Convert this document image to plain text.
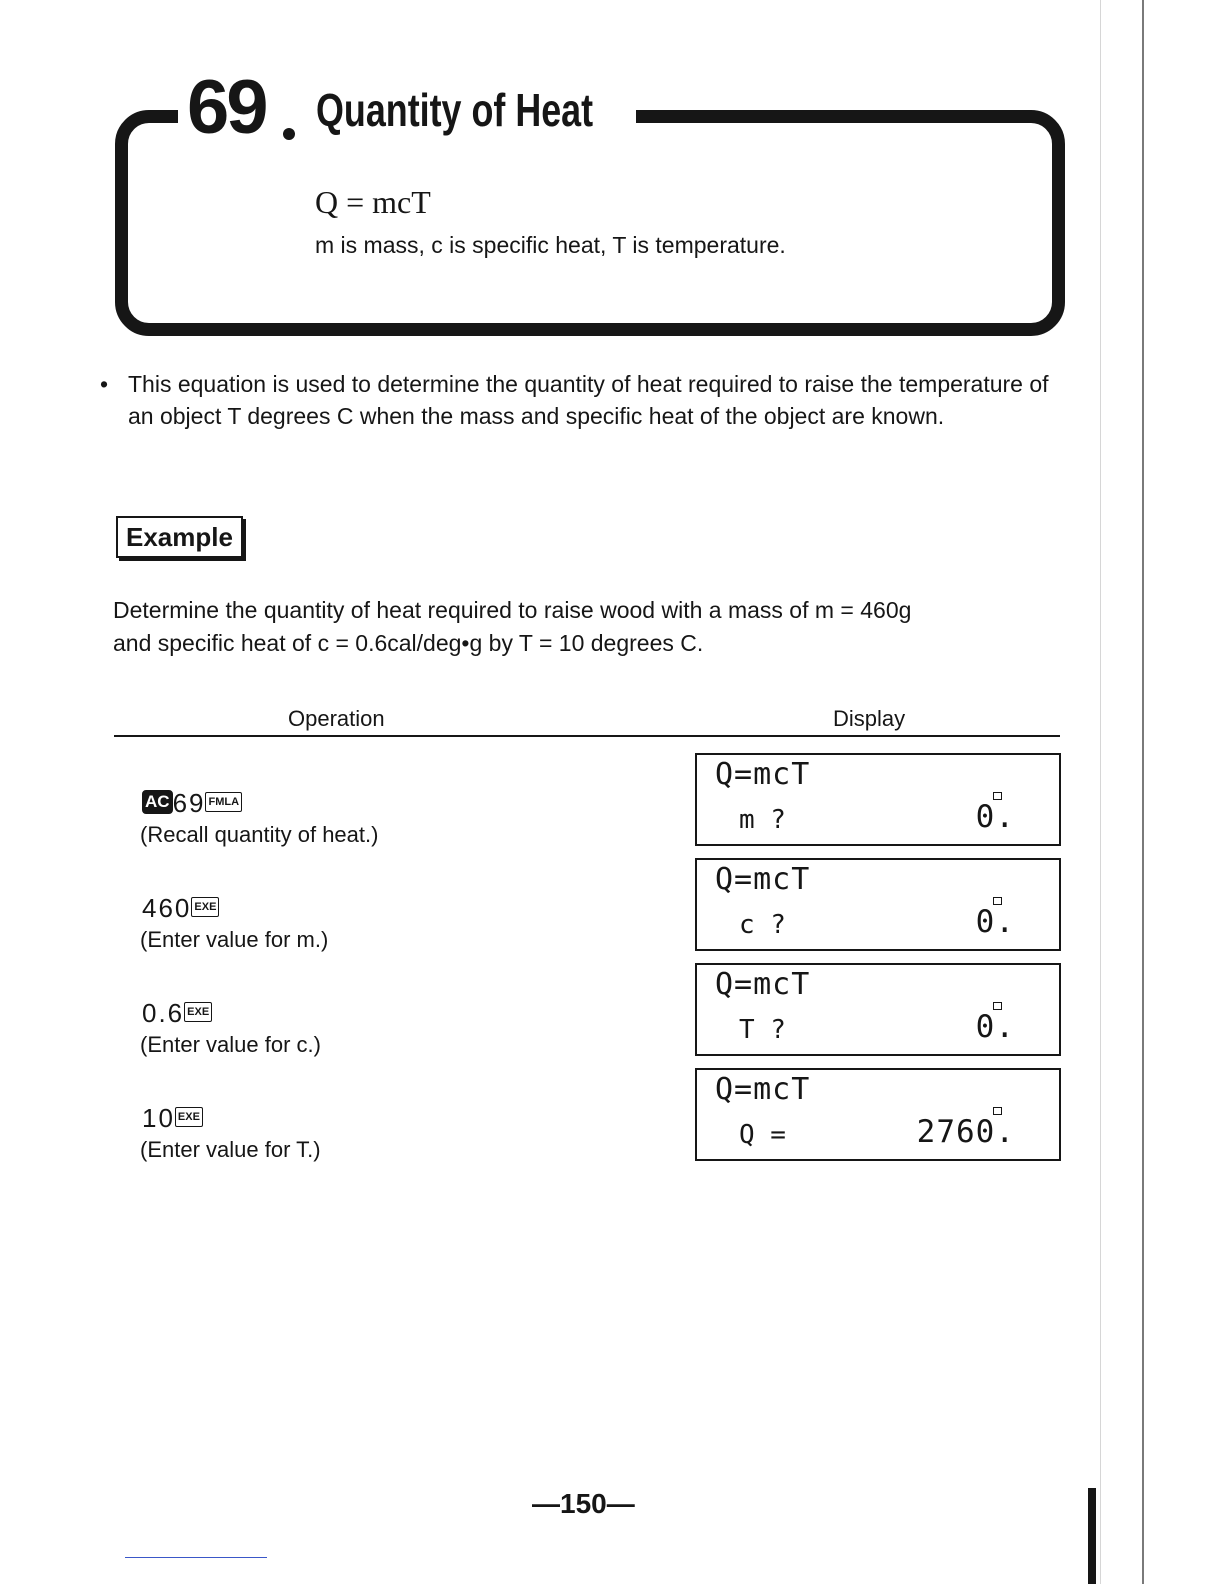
69 Quantity of Heat
Q = mcT
m is mass, c is specific heat, T is temperature.

• This equation is used to determine the quantity of heat required to raise the temperature of an object T degrees C when the mass and specific heat of the object are known.

Example

Determine the quantity of heat required to raise wood with a mass of m = 460g

and specific heat of c = 0.6cal/deg•g by T = 10 degrees C.

Operation	Display
AC 69 FMLA
(Recall quantity of heat.)
Q=mcT
m ?	0.
460 EXE
(Enter value for m.)
Q=mcT
c ?	0.
0.6 EXE
(Enter value for c.)
Q=mcT
T ?	0.
10 EXE
(Enter value for T.)
Q=mcT
Q =	2760.
—150—
